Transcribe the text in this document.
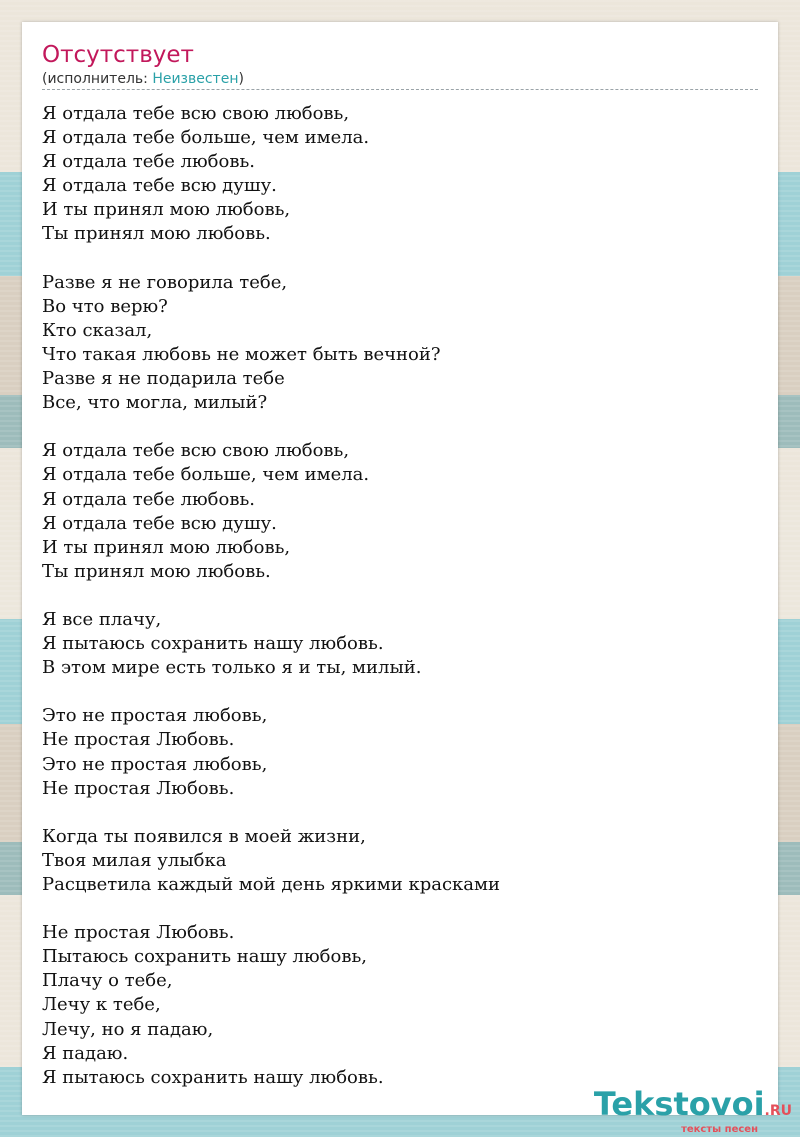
Отсутствует
(исполнитель: Неизвестен)
Я отдала тебе всю свою любовь,
Я отдала тебе больше, чем имела.
Я отдала тебе любовь.
Я отдала тебе всю душу.
И ты принял мою любовь,
Ты принял мою любовь.
Разве я не говорила тебе,
Во что верю?
Кто сказал,
Что такая любовь не может быть вечной?
Разве я не подарила тебе
Все, что могла, милый?
Я отдала тебе всю свою любовь,
Я отдала тебе больше, чем имела.
Я отдала тебе любовь.
Я отдала тебе всю душу.
И ты принял мою любовь,
Ты принял мою любовь.
Я все плачу,
Я пытаюсь сохранить нашу любовь.
В этом мире есть только я и ты, милый.
Это не простая любовь,
Не простая Любовь.
Это не простая любовь,
Не простая Любовь.
Когда ты появился в моей жизни,
Твоя милая улыбка
Расцветила каждый мой день яркими красками
Не простая Любовь.
Пытаюсь сохранить нашу любовь,
Плачу о тебе,
Лечу к тебе,
Лечу, но я падаю,
Я падаю.
Я пытаюсь сохранить нашу любовь.
Tekstovoi.RU
тексты песен
